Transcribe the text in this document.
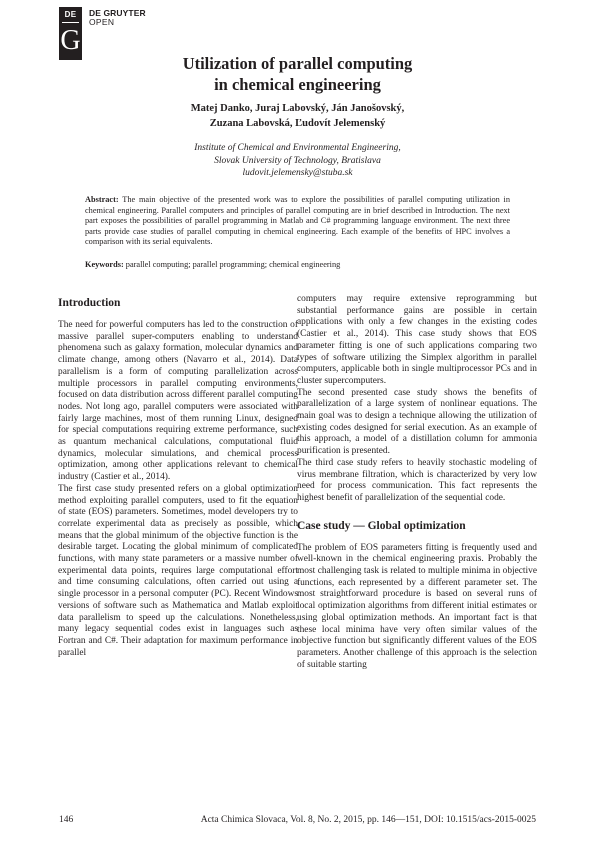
DE
G
DE GRUYTER
OPEN
Utilization of parallel computing
in chemical engineering
Matej Danko, Juraj Labovský, Ján Janošovský,
Zuzana Labovská, Ľudovít Jelemenský
Institute of Chemical and Environmental Engineering,
Slovak University of Technology, Bratislava
ludovit.jelemensky@stuba.sk
Abstract: The main objective of the presented work was to explore the possibilities of parallel computing utilization in chemical engineering. Parallel computers and principles of parallel computing are in brief described in Introduction. The next part exposes the possibilities of parallel programming in Matlab and C# programming language environment. The next three parts provide case studies of parallel computing in chemical engineering. Each example of the benefits of HPC involves a comparison with its serial equivalents.
Keywords: parallel computing; parallel programming; chemical engineering
Introduction

The need for powerful computers has led to the construction of massive parallel super-computers enabling to understand phenomena such as galaxy formation, molecular dynamics and climate change, among others (Navarro et al., 2014). Data parallelism is a form of computing parallelization across multiple processors in parallel computing environments, focused on data distribution across different parallel computing nodes. Not long ago, parallel computers were associated with fairly large machines, most of them running Linux, designed for special computations requiring extreme performance, such as quantum mechanical calculations, computational fluid dynamics, molecular simulations, and chemical process optimization, among other applications relevant to chemical industry (Castier et al., 2014).

The first case study presented refers on a global optimization method exploiting parallel computers, used to fit the equation of state (EOS) parameters. Sometimes, model developers try to correlate experimental data as precisely as possible, which means that the global minimum of the objective function is the desirable target. Locating the global minimum of complicated functions, with many state parameters or a massive number of experimental data points, requires large computational effort and time consuming calculations, often carried out using a single processor in a personal computer (PC). Recent Windows versions of software such as Mathematica and Matlab exploit data parallelism to speed up the calculations. Nonetheless, many legacy sequential codes exist in languages such as Fortran and C#. Their adaptation for maximum performance in parallel

computers may require extensive reprogramming but substantial performance gains are possible in certain applications with only a few changes in the existing codes (Castier et al., 2014). This case study shows that EOS parameter fitting is one of such applications comparing two types of software utilizing the Simplex algorithm in parallel computers, applicable both in single multiprocessor PCs and in cluster supercomputers.

The second presented case study shows the benefits of parallelization of a large system of nonlinear equations. The main goal was to design a technique allowing the utilization of existing codes designed for serial execution. As an example of this approach, a model of a distillation column for ammonia purification is presented.

The third case study refers to heavily stochastic modeling of virus membrane filtration, which is characterized by very low need for process communication. This fact represents the highest benefit of parallelization of the sequential code.

Case study — Global optimization

The problem of EOS parameters fitting is frequently used and well-known in the chemical engineering praxis. Probably the most challenging task is related to multiple minima in objective functions, each represented by a different parameter set. The most straightforward procedure is based on several runs of local optimization algorithms from different initial estimates or using global optimization methods. An important fact is that these local minima have very often similar values of the objective function but significantly different values of the EOS parameters. Another challenge of this approach is the selection of suitable starting

146	Acta Chimica Slovaca, Vol. 8, No. 2, 2015, pp. 146—151, DOI: 10.1515/acs-2015-0025
